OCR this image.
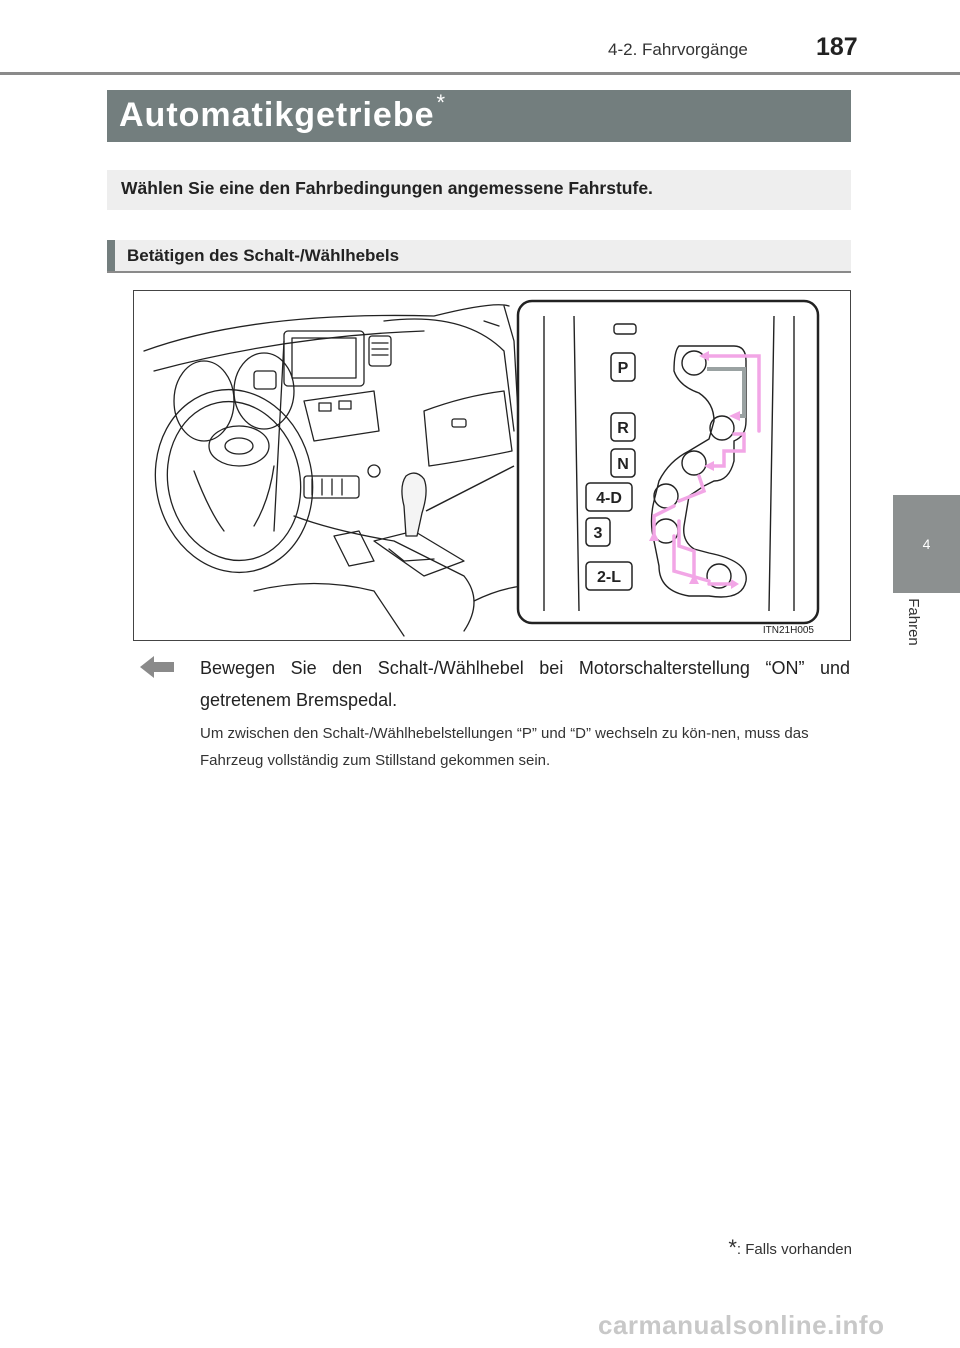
4-2. Fahrvorgänge	187
4
Fahren
Automatikgetriebe*
Wählen Sie eine den Fahrbedingungen angemessene Fahrstufe.
Betätigen des Schalt-/Wählhebels
P
R
N
4-D
3
2-L
ITN21H005
Bewegen Sie den Schalt-/Wählhebel bei Motorschalterstellung “ON” und getretenem Bremspedal.
Um zwischen den Schalt-/Wählhebelstellungen “P” und “D” wechseln zu kön-nen, muss das Fahrzeug vollständig zum Stillstand gekommen sein.
*: Falls vorhanden
carmanualsonline.info
